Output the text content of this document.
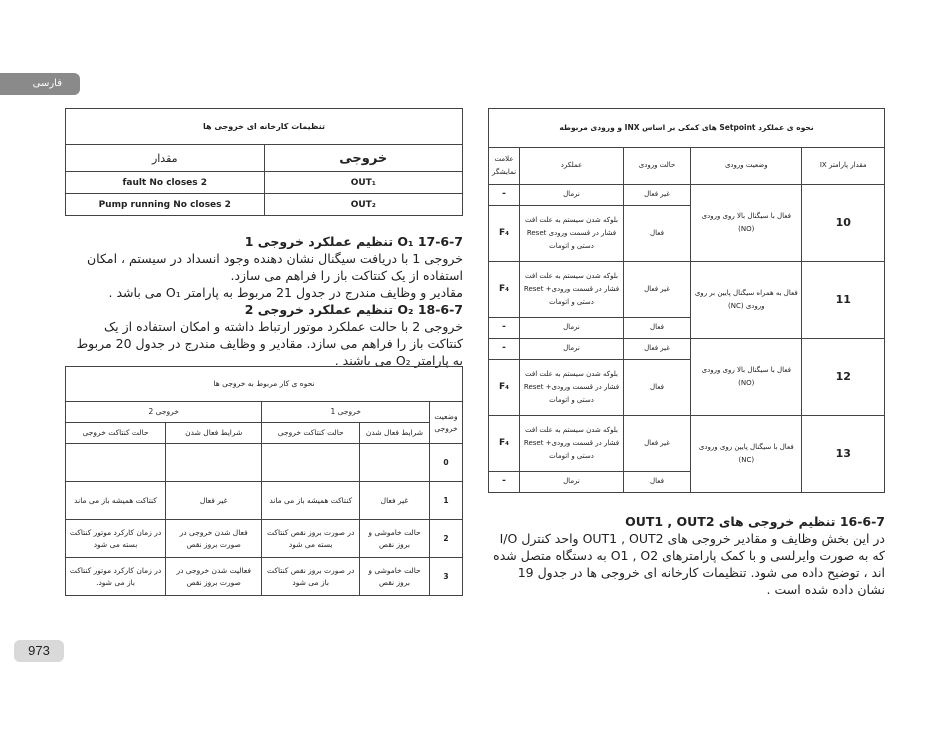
فارسی
تنظیمات کارخانه ای خروجی ها	
خروجی	مقدار
OUT₁	fault No closes 2
OUT₂	Pump running No closes 2
O₁ 17-6-7 تنظیم عملکرد خروجی 1
خروجی 1 با دریافت سیگنال نشان دهنده وجود انسداد در سیستم ، امکان استفاده از یک کنتاکت باز را فراهم می سازد.
مقادیر و وظایف مندرج در جدول 21 مربوط به پارامتر O₁ می باشد .
O₂ 18-6-7 تنظیم عملکرد خروجی 2
خروجی 2 با حالت عملکرد موتور ارتباط داشته و امکان استفاده از یک کنتاکت باز را فراهم می سازد. مقادیر و وظایف مندرج در جدول 20 مربوط به پارامتر O₂ می باشند .
نحوه ی کار مربوط به خروجی ها				
وضعیت خروجی	خروجی 1		خروجی 2	
	شرایط فعال شدن	حالت کنتاکت خروجی	شرایط فعال شدن	حالت کنتاکت خروجی
0				
1	غیر فعال	کنتاکت همیشه باز می ماند	غیر فعال	کنتاکت همیشه باز می ماند
2	حالت خاموشی و بروز نقص	در صورت بروز نقص کنتاکت بسته می شود	فعال شدن خروجی در صورت بروز نقص	در زمان کارکرد موتور کنتاکت بسته می شود
3	حالت خاموشی و بروز نقص	در صورت بروز نقص کنتاکت باز می شود	فعالیت شدن خروجی در صورت بروز نقص	در زمان کارکرد موتور کنتاکت باز می شود.
نحوه ی عملکرد Setpoint های کمکی بر اساس INX و ورودی مربوطه				
مقدار پارامتر IX	وضعیت ورودی	حالت ورودی	عملکرد	علامت نمایشگر
10	فعال با سیگنال بالا روی ورودی (NO)	غیر فعال	نرمال	-
		فعال	بلوکه شدن سیستم به علت افت فشار در قسمت ورودی Reset دستی و اتومات	F₄
11	فعال به همراه سیگنال پایین بر روی ورودی (NC)	غیر فعال	بلوکه شدن سیستم به علت افت فشار در قسمت ورودی+ Reset دستی و اتومات	F₄
		فعال	نرمال	-
12	فعال با سیگنال بالا روی ورودی (NO)	غیر فعال	نرمال	-
		فعال	بلوکه شدن سیستم به علت افت فشار در قسمت ورودی+ Reset دستی و اتومات	F₄
13	فعال با سیگنال پایین روی ورودی (NC)	غیر فعال	بلوکه شدن سیستم به علت افت فشار در قسمت ورودی+ Reset دستی و اتومات	F₄
		فعال	نرمال	-
16-6-7 تنظیم خروجی های OUT1 , OUT2
در این بخش وظایف و مقادیر خروجی های OUT1 , OUT2 واحد کنترل I/O که به صورت وایرلسی و با کمک پارامترهای O1 , O2 به دستگاه متصل شده اند ، توضیح داده می شود. تنظیمات کارخانه ای خروجی ها در جدول 19 نشان داده شده است .
973
